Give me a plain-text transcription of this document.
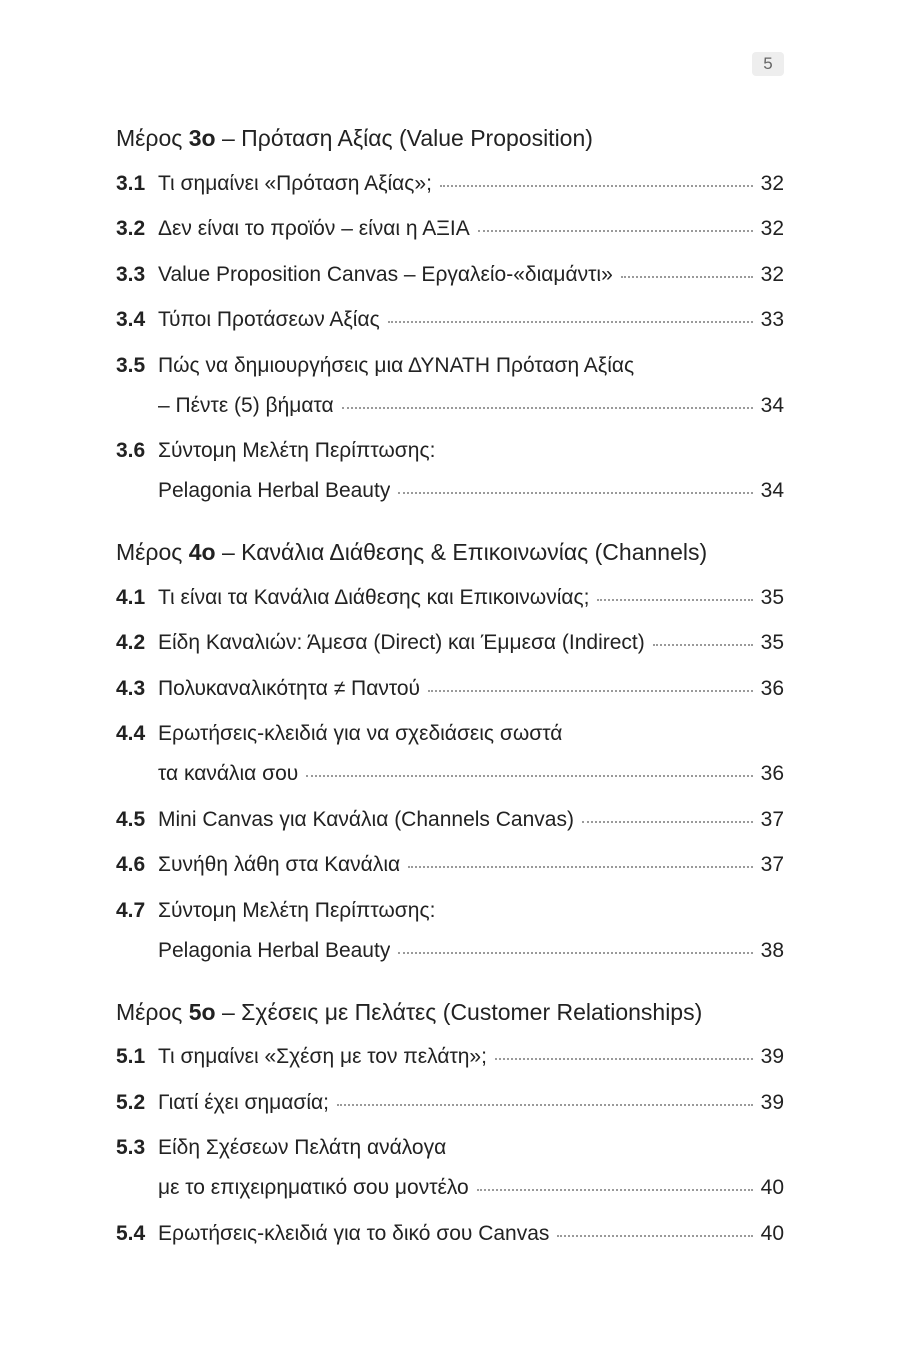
5
Μέρος 3ο – Πρόταση Αξίας (Value Proposition)
3.1 Τι σημαίνει «Πρόταση Αξίας»;	32
3.2 Δεν είναι το προϊόν – είναι η ΑΞΙΑ	32
3.3 Value Proposition Canvas – Εργαλείο-«διαμάντι»	32
3.4 Τύποι Προτάσεων Αξίας	33
3.5 Πώς να δημιουργήσεις μια ΔΥΝΑΤΗ Πρόταση Αξίας
– Πέντε (5) βήματα	34
3.6 Σύντομη Μελέτη Περίπτωσης:
Pelagonia Herbal Beauty	34
Μέρος 4ο – Κανάλια Διάθεσης & Επικοινωνίας (Channels)
4.1 Τι είναι τα Κανάλια Διάθεσης και Επικοινωνίας;	35
4.2 Είδη Καναλιών: Άμεσα (Direct) και Έμμεσα (Indirect)	35
4.3 Πολυκαναλικότητα ≠ Παντού	36
4.4 Ερωτήσεις-κλειδιά για να σχεδιάσεις σωστά
τα κανάλια σου	36
4.5 Mini Canvas για Κανάλια (Channels Canvas)	37
4.6 Συνήθη λάθη στα Κανάλια	37
4.7 Σύντομη Μελέτη Περίπτωσης:
Pelagonia Herbal Beauty	38
Μέρος 5ο – Σχέσεις με Πελάτες (Customer Relationships)
5.1 Τι σημαίνει «Σχέση με τον πελάτη»;	39
5.2 Γιατί έχει σημασία;	39
5.3 Είδη Σχέσεων Πελάτη ανάλογα
με το επιχειρηματικό σου μοντέλο	40
5.4 Ερωτήσεις-κλειδιά για το δικό σου Canvas	40
